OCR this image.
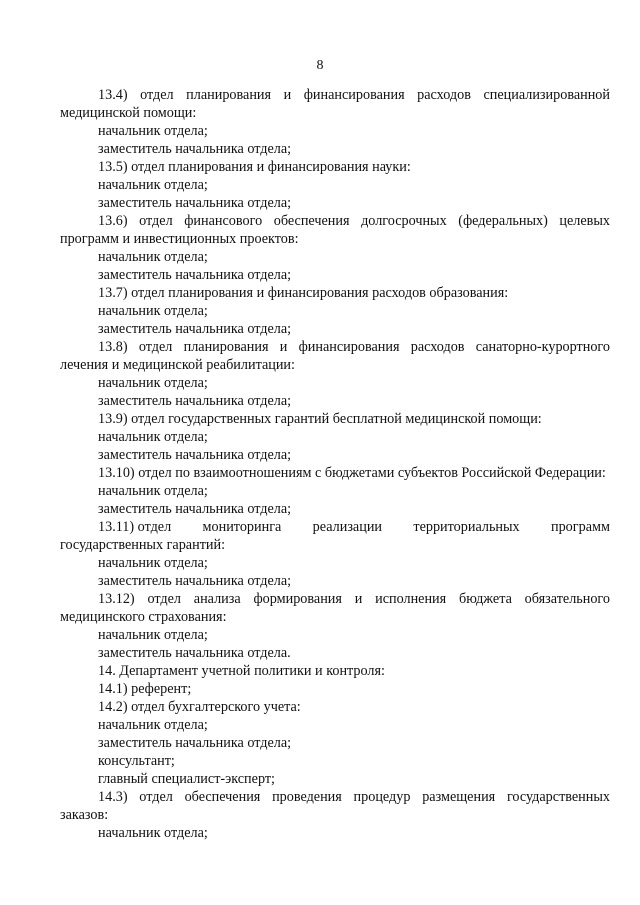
8
13.4) отдел планирования и финансирования расходов специализированной медицинской помощи:
начальник отдела;
заместитель начальника отдела;
13.5) отдел планирования и финансирования науки:
начальник отдела;
заместитель начальника отдела;
13.6) отдел финансового обеспечения долгосрочных (федеральных) целевых программ и инвестиционных проектов:
начальник отдела;
заместитель начальника отдела;
13.7) отдел планирования и финансирования расходов образования:
начальник отдела;
заместитель начальника отдела;
13.8) отдел планирования и финансирования расходов санаторно-курортного лечения и медицинской реабилитации:
начальник отдела;
заместитель начальника отдела;
13.9) отдел государственных гарантий бесплатной медицинской помощи:
начальник отдела;
заместитель начальника отдела;
13.10) отдел по взаимоотношениям с бюджетами субъектов Российской Федерации:
начальник отдела;
заместитель начальника отдела;
13.11) отдел мониторинга реализации территориальных программ
государственных гарантий:
начальник отдела;
заместитель начальника отдела;
13.12) отдел анализа формирования и исполнения бюджета обязательного медицинского страхования:
начальник отдела;
заместитель начальника отдела.
14. Департамент учетной политики и контроля:
14.1) референт;
14.2) отдел бухгалтерского учета:
начальник отдела;
заместитель начальника отдела;
консультант;
главный специалист-эксперт;
14.3) отдел обеспечения проведения процедур размещения государственных заказов:
начальник отдела;
